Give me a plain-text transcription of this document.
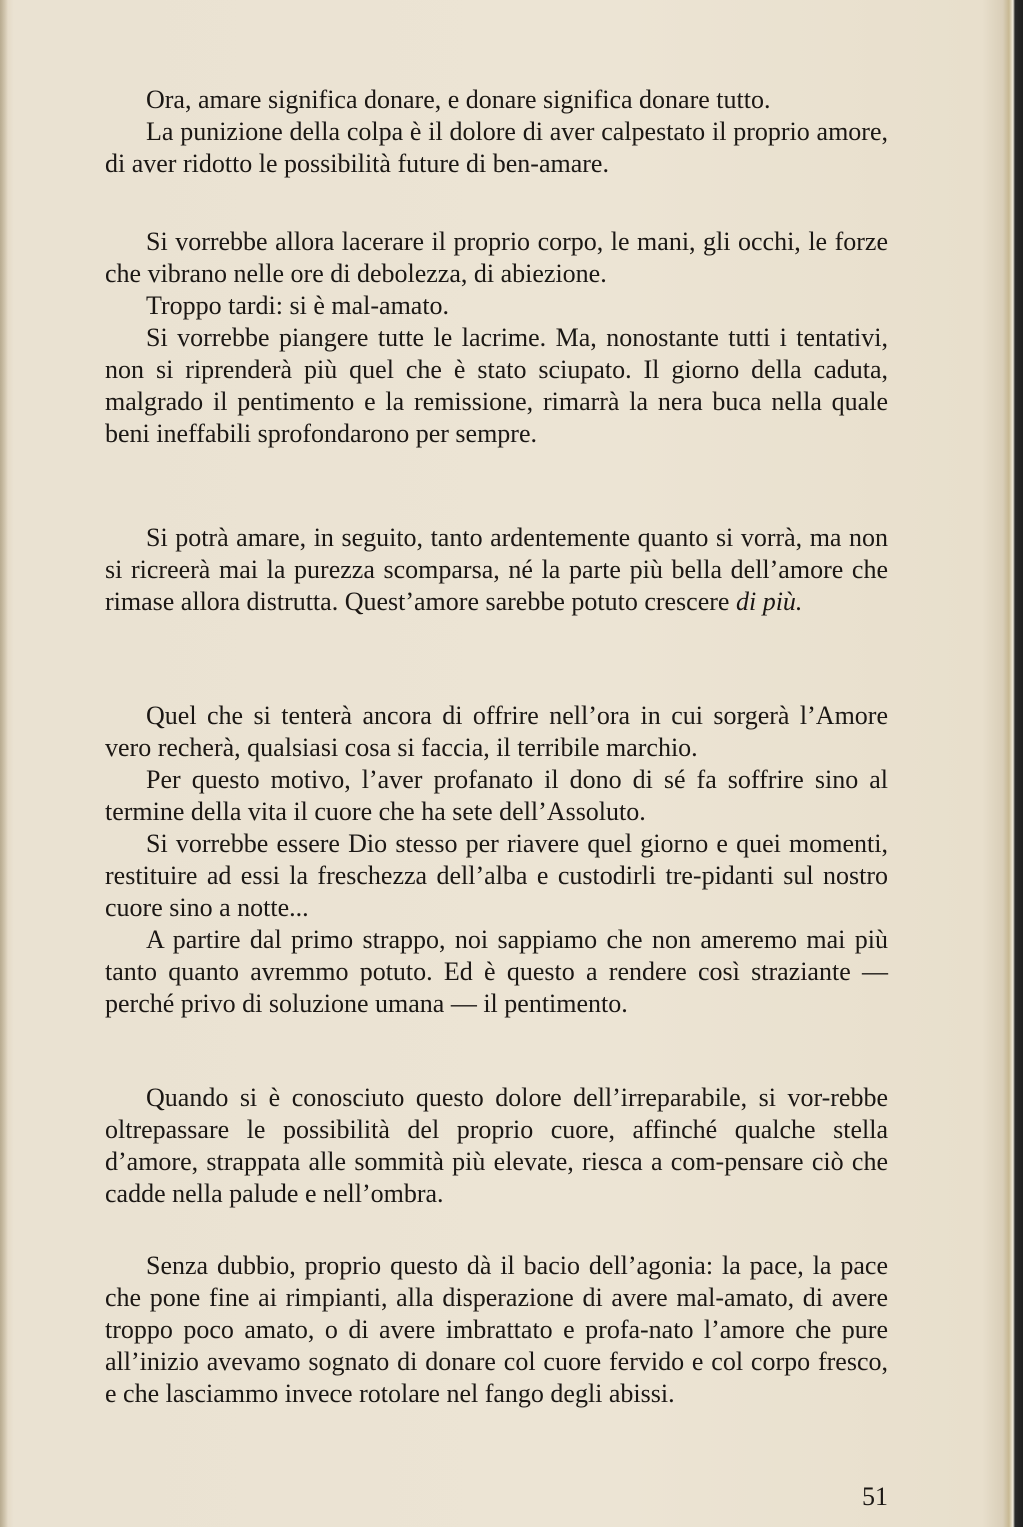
Ora, amare significa donare, e donare significa donare tutto.

La punizione della colpa è il dolore di aver calpestato il proprio amore, di aver ridotto le possibilità future di ben-amare.

Si vorrebbe allora lacerare il proprio corpo, le mani, gli occhi, le forze che vibrano nelle ore di debolezza, di abiezione.

Troppo tardi: si è mal-amato.

Si vorrebbe piangere tutte le lacrime. Ma, nonostante tutti i tentativi, non si riprenderà più quel che è stato sciupato. Il giorno della caduta, malgrado il pentimento e la remissione, rimarrà la nera buca nella quale beni ineffabili sprofondarono per sempre.

Si potrà amare, in seguito, tanto ardentemente quanto si vorrà, ma non si ricreerà mai la purezza scomparsa, né la parte più bella dell’amore che rimase allora distrutta. Quest’amore sarebbe potuto crescere di più.

Quel che si tenterà ancora di offrire nell’ora in cui sorgerà l’Amore vero recherà, qualsiasi cosa si faccia, il terribile marchio.

Per questo motivo, l’aver profanato il dono di sé fa soffrire sino al termine della vita il cuore che ha sete dell’Assoluto.

Si vorrebbe essere Dio stesso per riavere quel giorno e quei momenti, restituire ad essi la freschezza dell’alba e custodirli tre-pidanti sul nostro cuore sino a notte...

A partire dal primo strappo, noi sappiamo che non ameremo mai più tanto quanto avremmo potuto. Ed è questo a rendere così straziante —perché privo di soluzione umana — il pentimento.

Quando si è conosciuto questo dolore dell’irreparabile, si vor-rebbe oltrepassare le possibilità del proprio cuore, affinché qualche stella d’amore, strappata alle sommità più elevate, riesca a com-pensare ciò che cadde nella palude e nell’ombra.

Senza dubbio, proprio questo dà il bacio dell’agonia: la pace, la pace che pone fine ai rimpianti, alla disperazione di avere mal-amato, di avere troppo poco amato, o di avere imbrattato e profa-nato l’amore che pure all’inizio avevamo sognato di donare col cuore fervido e col corpo fresco, e che lasciammo invece rotolare nel fango degli abissi.

51
